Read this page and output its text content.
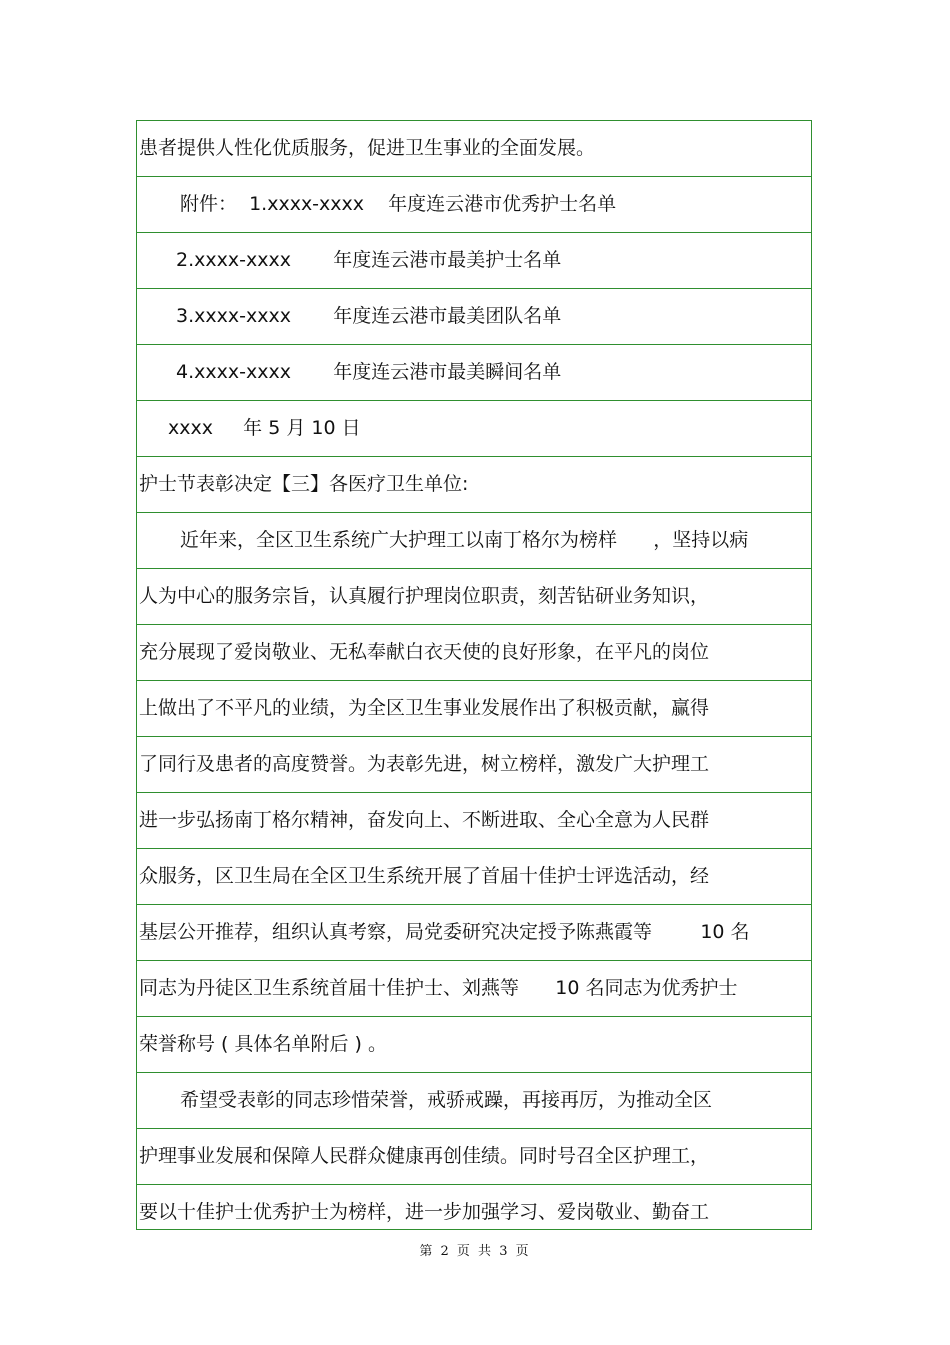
患者提供人性化优质服务，促进卫生事业的全面发展。
附件：  1.xxxx-xxxx    年度连云港市优秀护士名单
2.xxxx-xxxx       年度连云港市最美护士名单
3.xxxx-xxxx       年度连云港市最美团队名单
4.xxxx-xxxx       年度连云港市最美瞬间名单
xxxx     年 5 月 10 日
护士节表彰决定【三】各医疗卫生单位:
近年来，全区卫生系统广大护理工以南丁格尔为榜样      ，坚持以病
人为中心的服务宗旨，认真履行护理岗位职责，刻苦钻研业务知识，
充分展现了爱岗敬业、无私奉献白衣天使的良好形象，在平凡的岗位
上做出了不平凡的业绩，为全区卫生事业发展作出了积极贡献，赢得
了同行及患者的高度赞誉。为表彰先进，树立榜样，激发广大护理工
进一步弘扬南丁格尔精神，奋发向上、不断进取、全心全意为人民群
众服务，区卫生局在全区卫生系统开展了首届十佳护士评选活动，经
基层公开推荐，组织认真考察，局党委研究决定授予陈燕霞等        10 名
同志为丹徒区卫生系统首届十佳护士、刘燕等      10 名同志为优秀护士
荣誉称号 ( 具体名单附后 ) 。
希望受表彰的同志珍惜荣誉，戒骄戒躁，再接再厉，为推动全区
护理事业发展和保障人民群众健康再创佳绩。同时号召全区护理工，
要以十佳护士优秀护士为榜样，进一步加强学习、爱岗敬业、勤奋工
第 2 页 共 3 页
